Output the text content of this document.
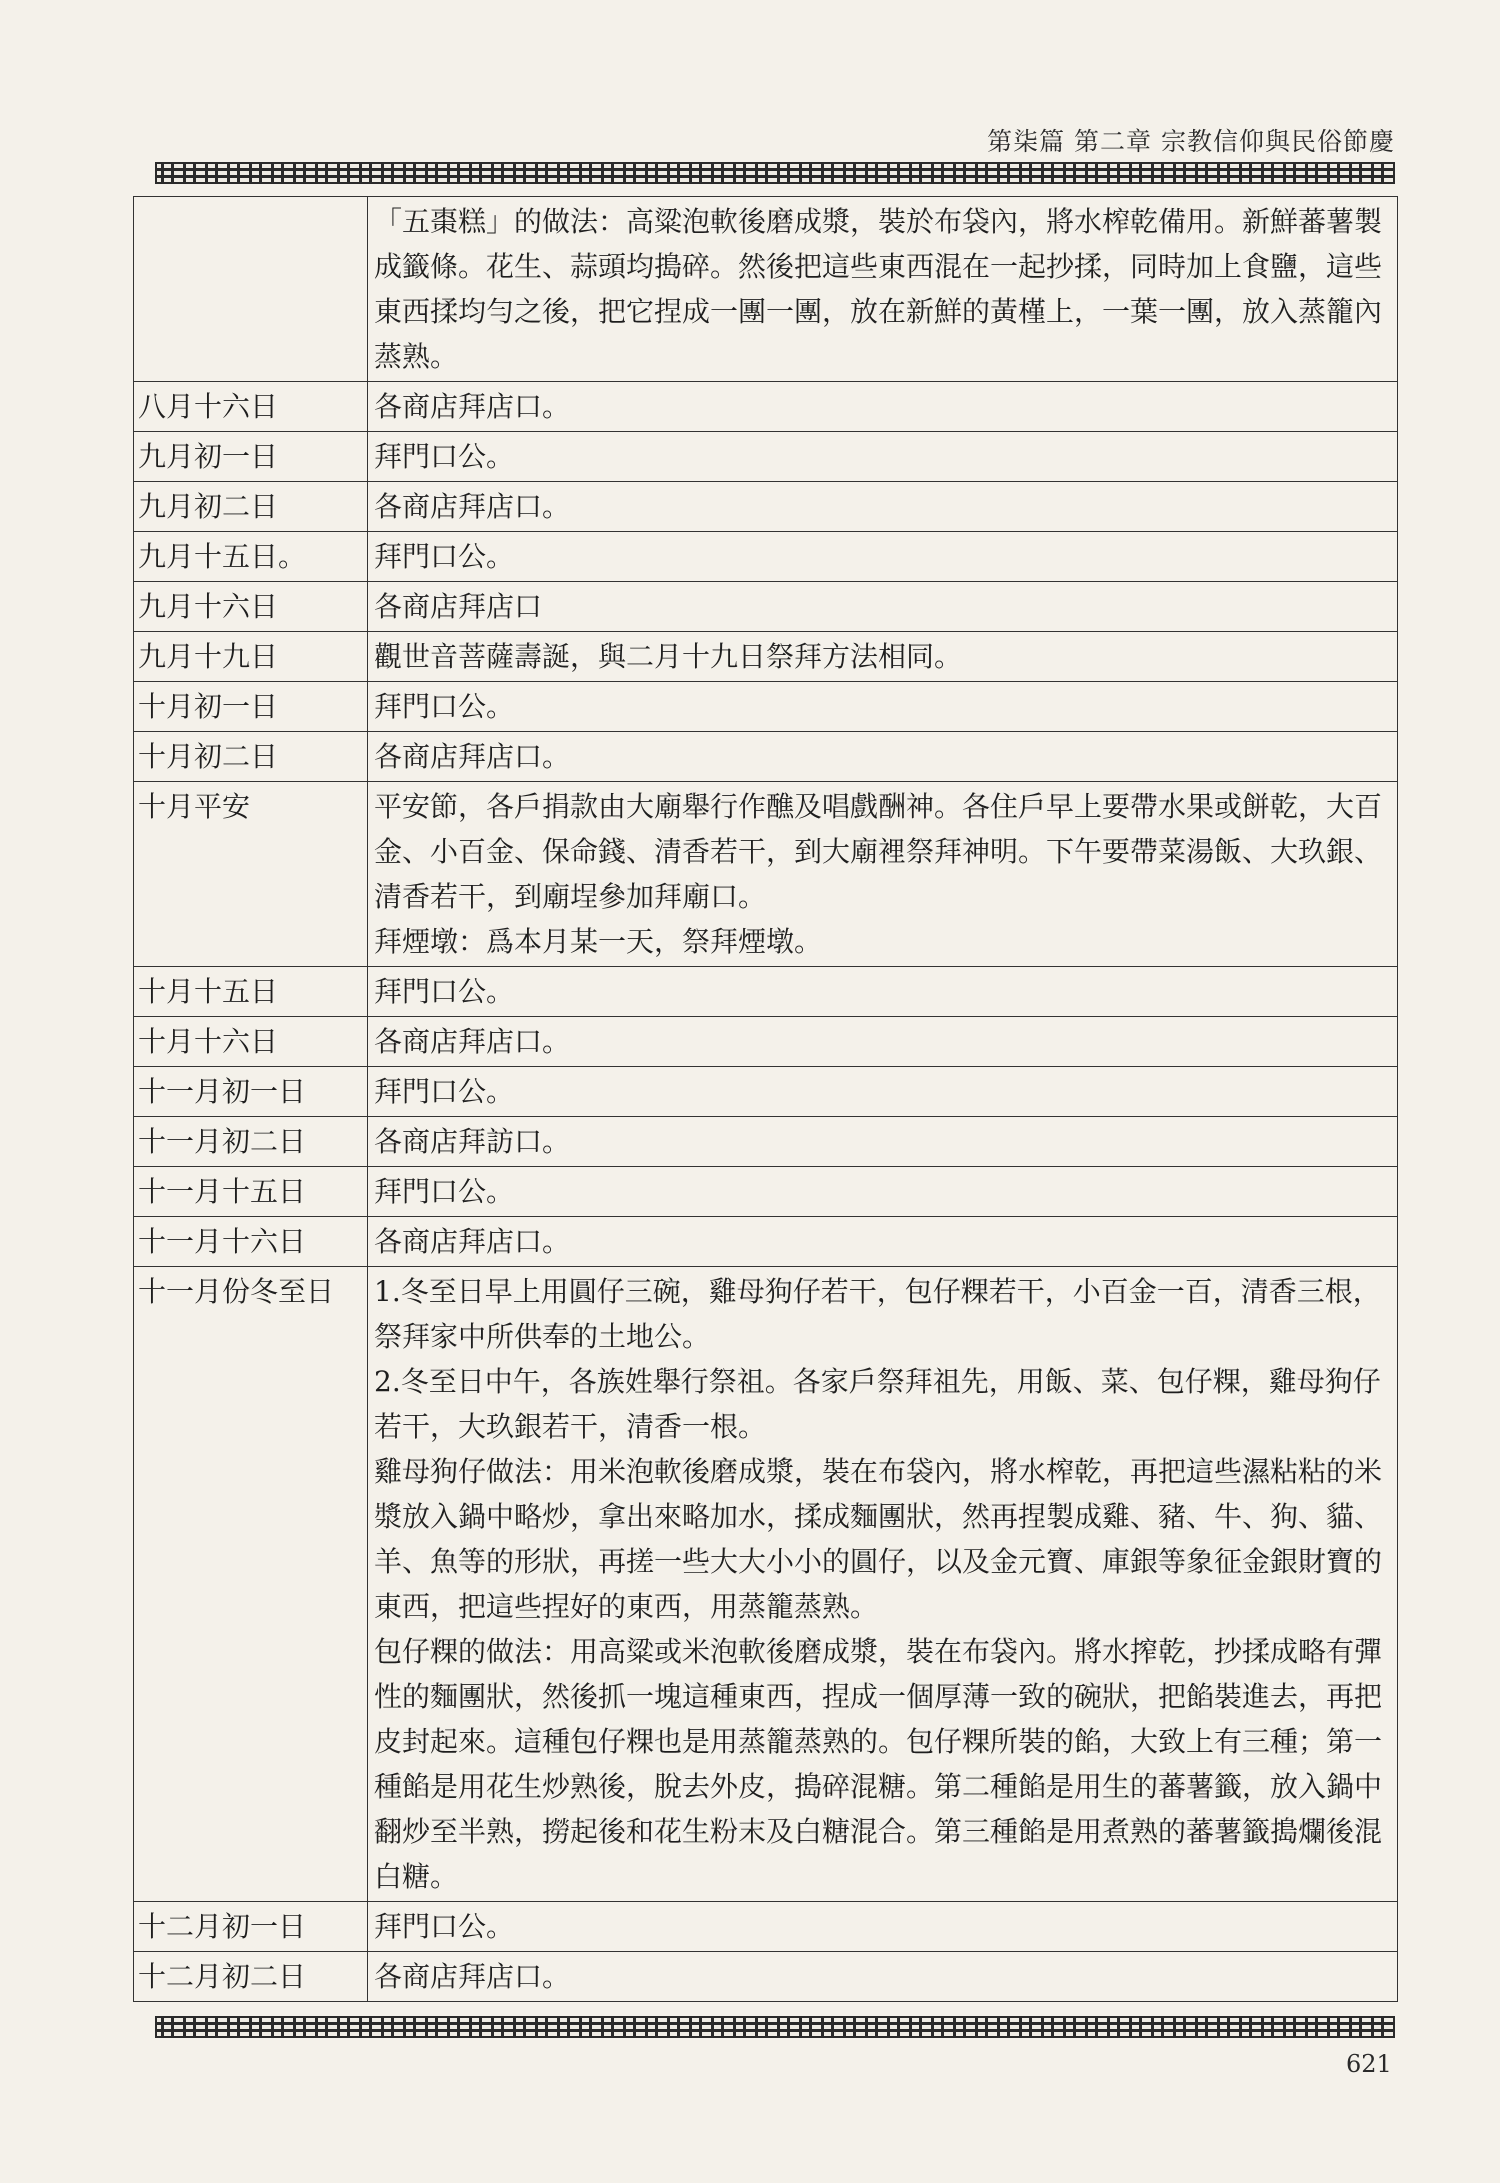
第柒篇 第二章 宗教信仰與民俗節慶

	「五棗糕」的做法：高粱泡軟後磨成漿，裝於布袋內，將水榨乾備用。新鮮蕃薯製成籤條。花生、蒜頭均搗碎。然後把這些東西混在一起抄揉，同時加上食鹽，這些東西揉均勻之後，把它捏成一團一團，放在新鮮的黃槿上，一葉一團，放入蒸籠內蒸熟。

八月十六日	各商店拜店口。

九月初一日	拜門口公。

九月初二日	各商店拜店口。

九月十五日。	拜門口公。

九月十六日	各商店拜店口

九月十九日	觀世音菩薩壽誕，與二月十九日祭拜方法相同。

十月初一日	拜門口公。

十月初二日	各商店拜店口。

十月平安	平安節，各戶捐款由大廟舉行作醮及唱戲酬神。各住戶早上要帶水果或餅乾，大百金、小百金、保命錢、清香若干，到大廟裡祭拜神明。下午要帶菜湯飯、大玖銀、清香若干，到廟埕參加拜廟口。
拜煙墩：爲本月某一天，祭拜煙墩。

十月十五日	拜門口公。

十月十六日	各商店拜店口。

十一月初一日	拜門口公。

十一月初二日	各商店拜訪口。

十一月十五日	拜門口公。

十一月十六日	各商店拜店口。

十一月份冬至日	1.冬至日早上用圓仔三碗，雞母狗仔若干，包仔粿若干，小百金一百，清香三根，祭拜家中所供奉的土地公。
2.冬至日中午，各族姓舉行祭祖。各家戶祭拜祖先，用飯、菜、包仔粿，雞母狗仔若干，大玖銀若干，清香一根。
雞母狗仔做法：用米泡軟後磨成漿，裝在布袋內，將水榨乾，再把這些濕粘粘的米漿放入鍋中略炒，拿出來略加水，揉成麵團狀，然再捏製成雞、豬、牛、狗、貓、羊、魚等的形狀，再搓一些大大小小的圓仔，以及金元寶、庫銀等象征金銀財寶的東西，把這些捏好的東西，用蒸籠蒸熟。
包仔粿的做法：用高粱或米泡軟後磨成漿，裝在布袋內。將水搾乾，抄揉成略有彈性的麵團狀，然後抓一塊這種東西，捏成一個厚薄一致的碗狀，把餡裝進去，再把皮封起來。這種包仔粿也是用蒸籠蒸熟的。包仔粿所裝的餡，大致上有三種；第一種餡是用花生炒熟後，脫去外皮，搗碎混糖。第二種餡是用生的蕃薯籤，放入鍋中翻炒至半熟，撈起後和花生粉末及白糖混合。第三種餡是用煮熟的蕃薯籤搗爛後混白糖。

十二月初一日	拜門口公。

十二月初二日	各商店拜店口。
621
